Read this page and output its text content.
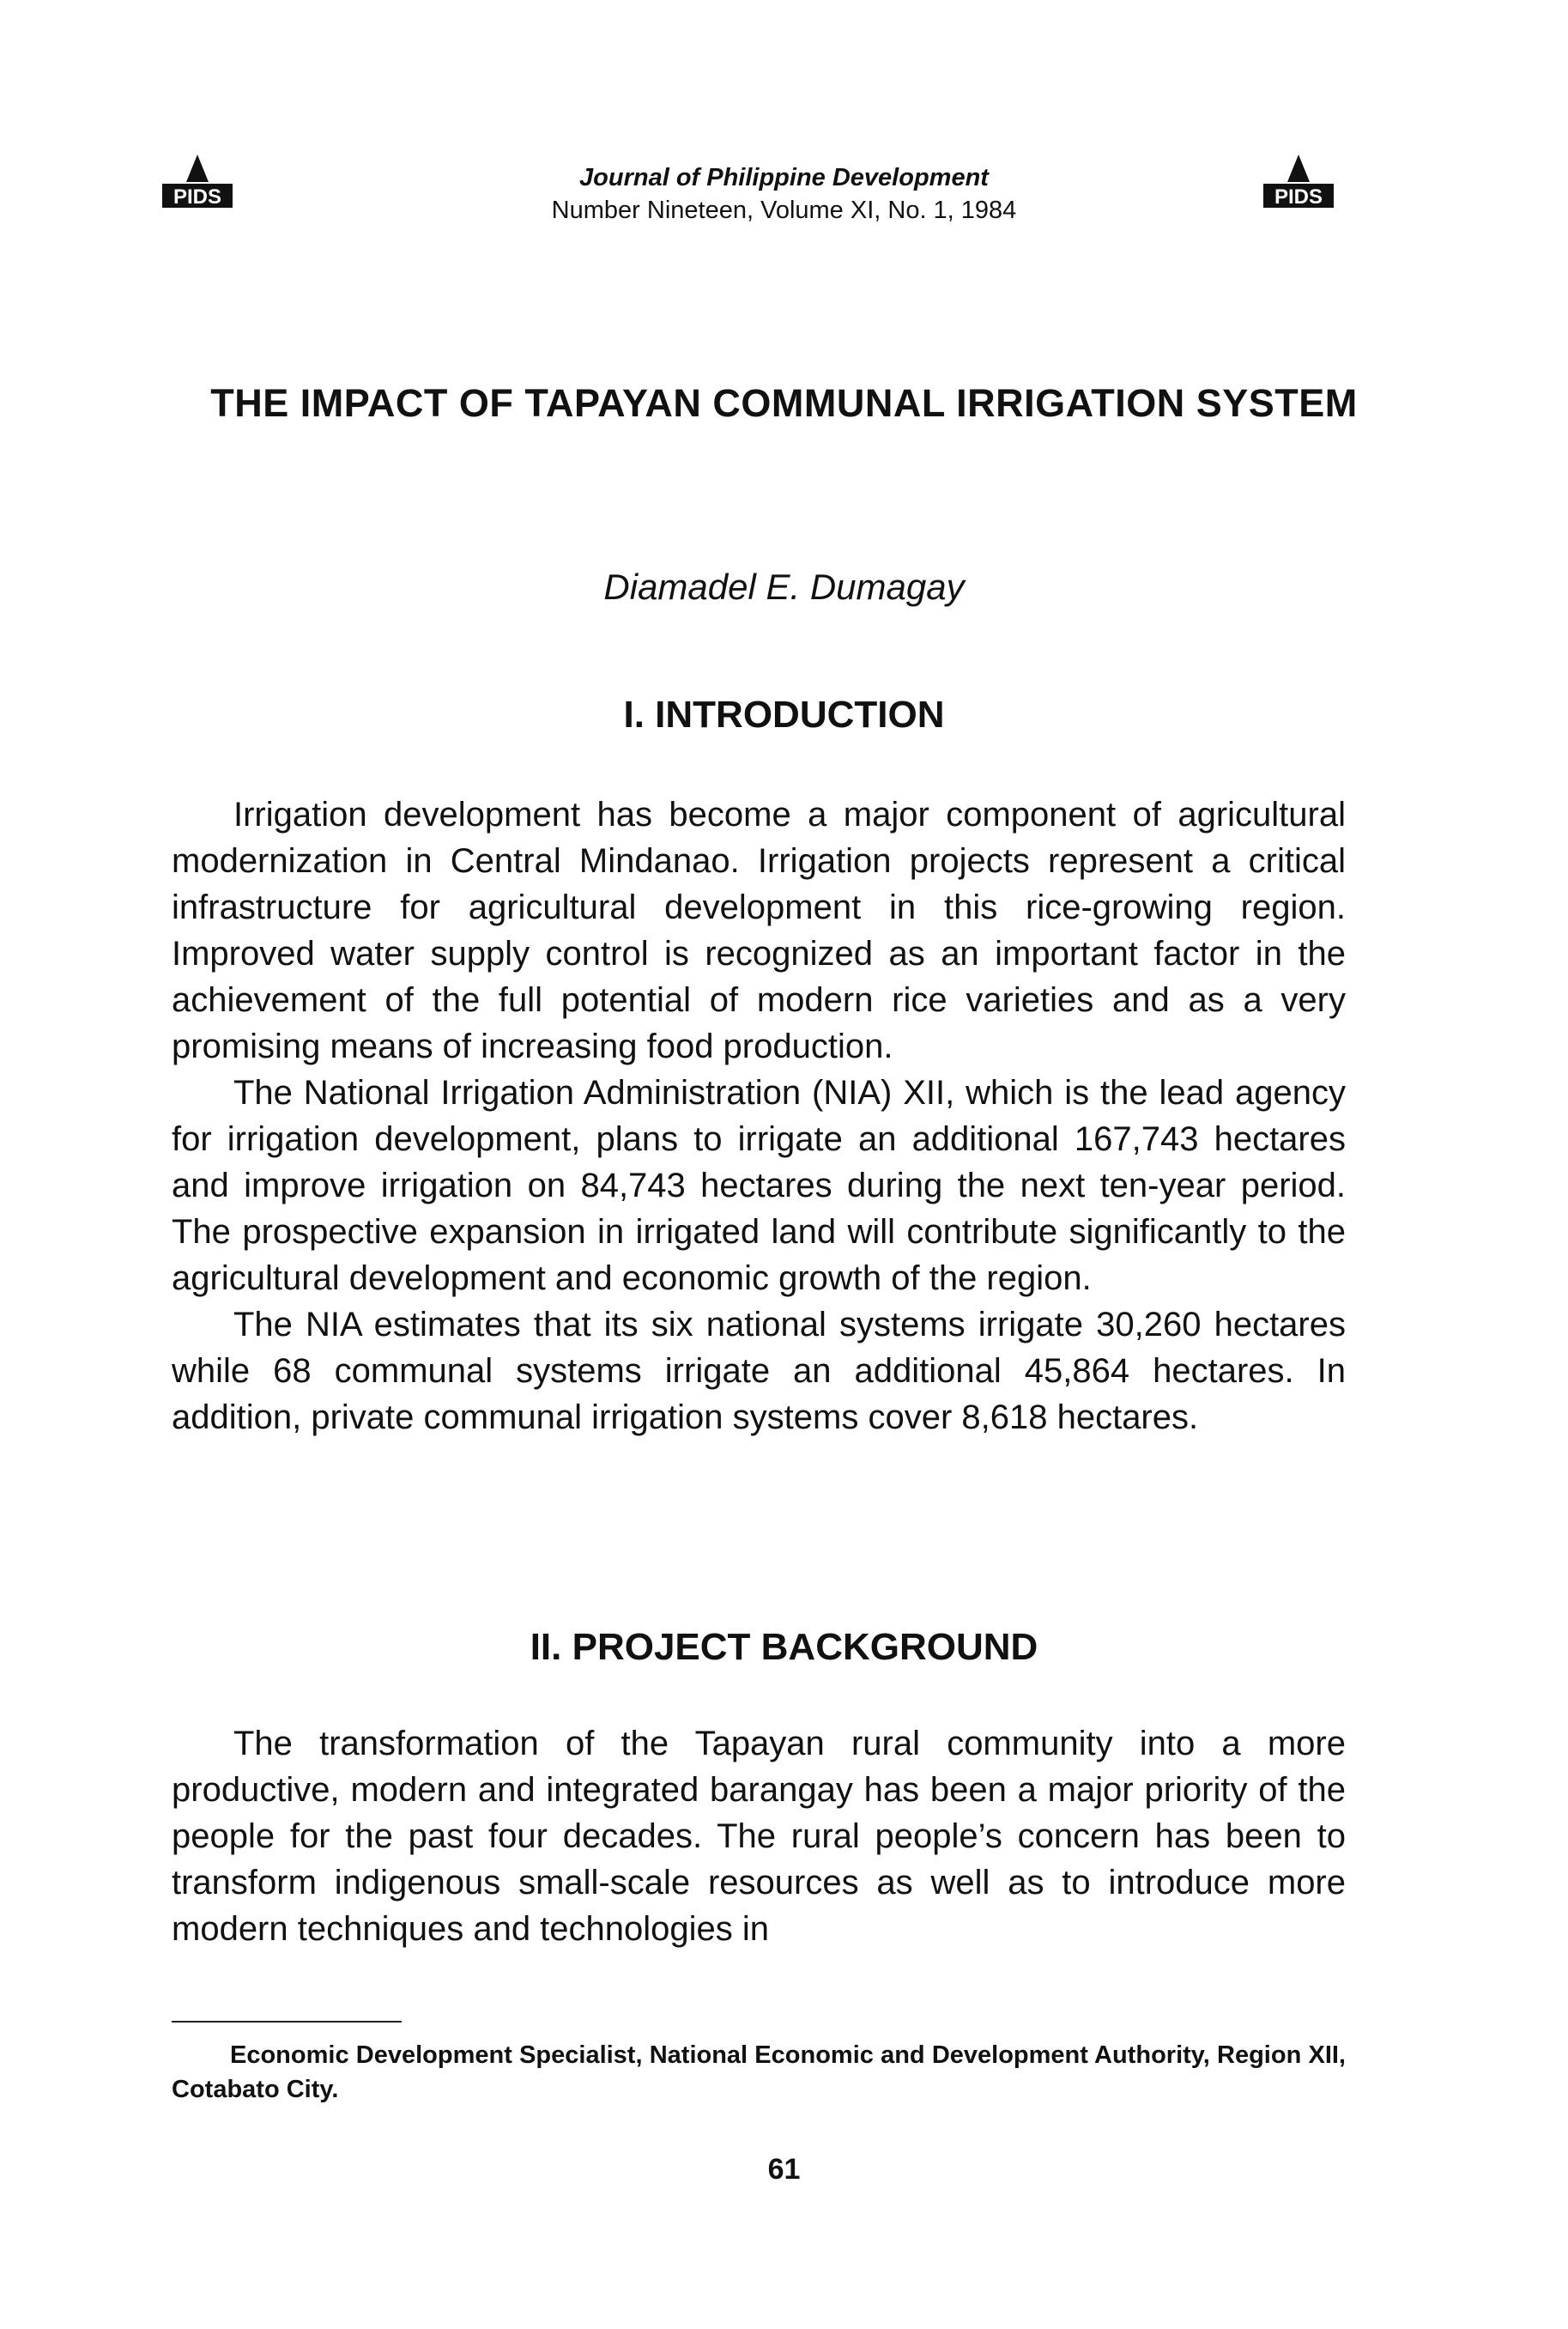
PIDS	PIDS
Journal of Philippine Development
Number Nineteen, Volume XI, No. 1, 1984
THE IMPACT OF TAPAYAN COMMUNAL IRRIGATION SYSTEM
Diamadel E. Dumagay
I. INTRODUCTION

Irrigation development has become a major component of agricultural modernization in Central Mindanao. Irrigation projects represent a critical infrastructure for agricultural development in this rice-growing region. Improved water supply control is recognized as an important factor in the achievement of the full potential of modern rice varieties and as a very promising means of increasing food production.

The National Irrigation Administration (NIA) XII, which is the lead agency for irrigation development, plans to irrigate an additional 167,743 hectares and improve irrigation on 84,743 hectares during the next ten-year period. The prospective expansion in irrigated land will contribute significantly to the agricultural development and economic growth of the region.

The NIA estimates that its six national systems irrigate 30,260 hectares while 68 communal systems irrigate an additional 45,864 hectares. In addition, private communal irrigation systems cover 8,618 hectares.

II. PROJECT BACKGROUND

The transformation of the Tapayan rural community into a more productive, modern and integrated barangay has been a major priority of the people for the past four decades. The rural people’s concern has been to transform indigenous small-scale resources as well as to introduce more modern techniques and technologies in

Economic Development Specialist, National Economic and Development Authority, Region XII, Cotabato City.
61
